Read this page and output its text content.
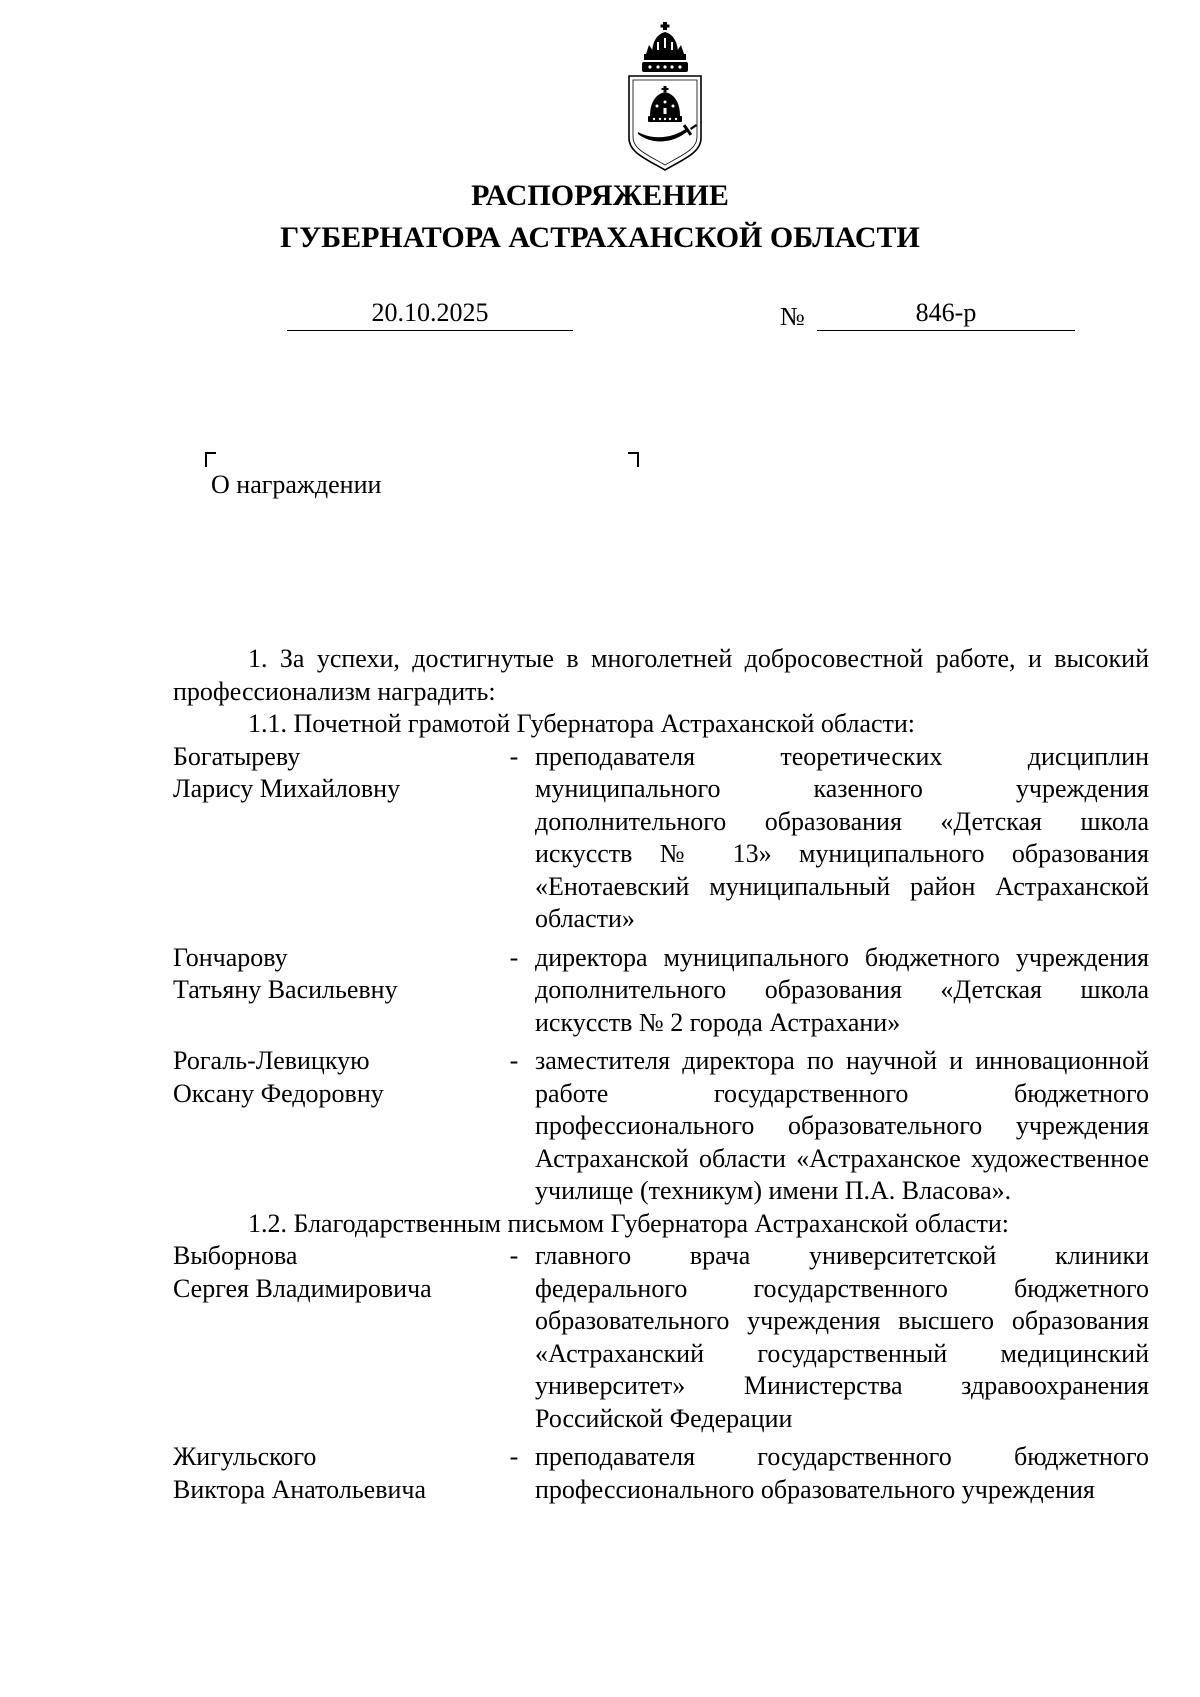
РАСПОРЯЖЕНИЕ
ГУБЕРНАТОРА АСТРАХАНСКОЙ ОБЛАСТИ
20.10.2025	№	846-р
О награждении

1. За успехи, достигнутые в многолетней добросовестной работе, и высокий профессионализм наградить:

1.1. Почетной грамотой Губернатора Астраханской области:

Богатыреву
Ларису Михайловну
- преподавателя теоретических дисциплин муниципального казенного учреждения дополнительного образования «Детская школа искусств № 13» муниципального образования «Енотаевский муниципальный район Астраханской области»
Гончарову
Татьяну Васильевну
- директора муниципального бюджетного учреждения дополнительного образования «Детская школа искусств № 2 города Астрахани»
Рогаль-Левицкую
Оксану Федоровну
- заместителя директора по научной и инновационной работе государственного бюджетного профессионального образовательного учреждения Астраханской области «Астраханское художественное училище (техникум) имени П.А. Власова».

1.2. Благодарственным письмом Губернатора Астраханской области:

Выборнова
Сергея Владимировича
- главного врача университетской клиники федерального государственного бюджетного образовательного учреждения высшего образования «Астраханский государственный медицинский университет» Министерства здравоохранения Российской Федерации
Жигульского
Виктора Анатольевича
- преподавателя государственного бюджетного профессионального образовательного учреждения
